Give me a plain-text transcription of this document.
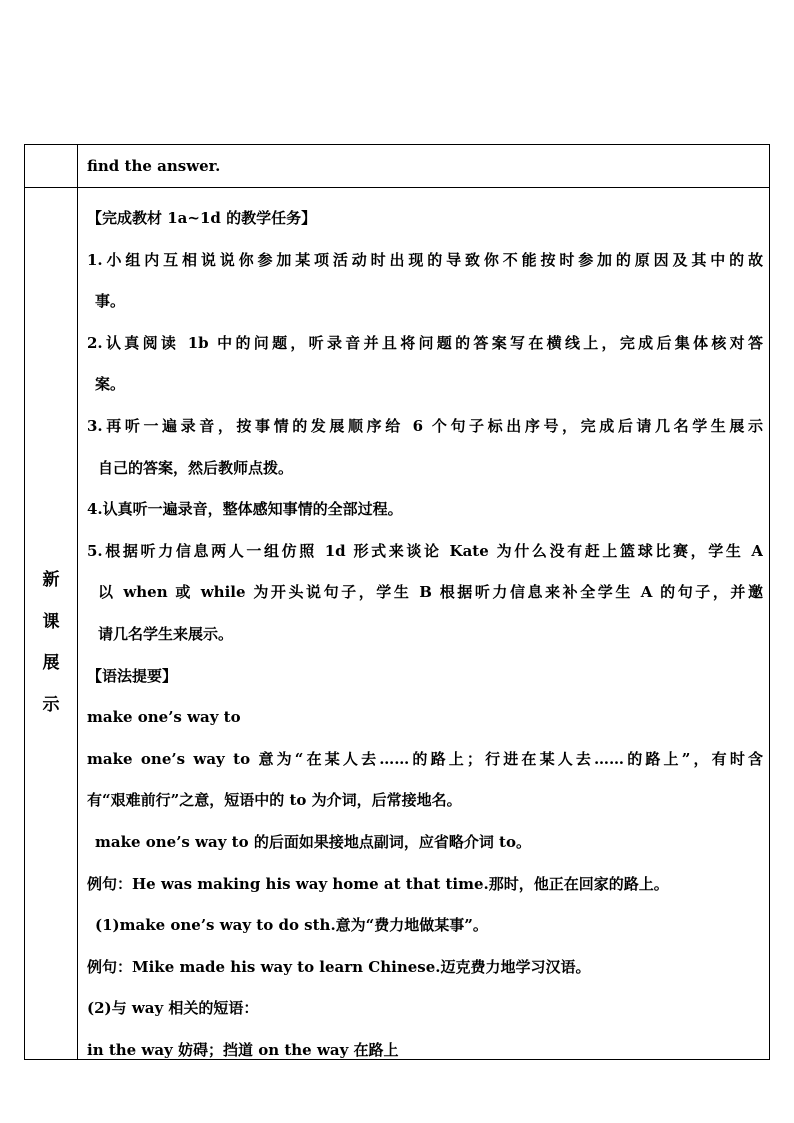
find the answer.
新
课
展
示
【完成教材 1a~1d 的教学任务】
1.小组内互相说说你参加某项活动时出现的导致你不能按时参加的原因及其中的故
事。
2.认真阅读 1b 中的问题，听录音并且将问题的答案写在横线上，完成后集体核对答
案。
3.再听一遍录音，按事情的发展顺序给 6 个句子标出序号，完成后请几名学生展示
自己的答案，然后教师点拨。
4.认真听一遍录音，整体感知事情的全部过程。
5.根据听力信息两人一组仿照 1d 形式来谈论 Kate 为什么没有赶上篮球比赛，学生 A
以 when 或 while 为开头说句子，学生 B 根据听力信息来补全学生 A 的句子，并邀
请几名学生来展示。
【语法提要】
make one’s way to
make one’s way to 意为“在某人去……的路上；行进在某人去……的路上”，有时含
有“艰难前行”之意，短语中的 to 为介词，后常接地名。
make one’s way to 的后面如果接地点副词，应省略介词 to。
例句：He was making his way home at that time.那时，他正在回家的路上。
(1)make one’s way to do sth.意为“费力地做某事”。
例句：Mike made his way to learn Chinese.迈克费力地学习汉语。
(2)与 way 相关的短语：
in the way 妨碍；挡道 on the way 在路上
